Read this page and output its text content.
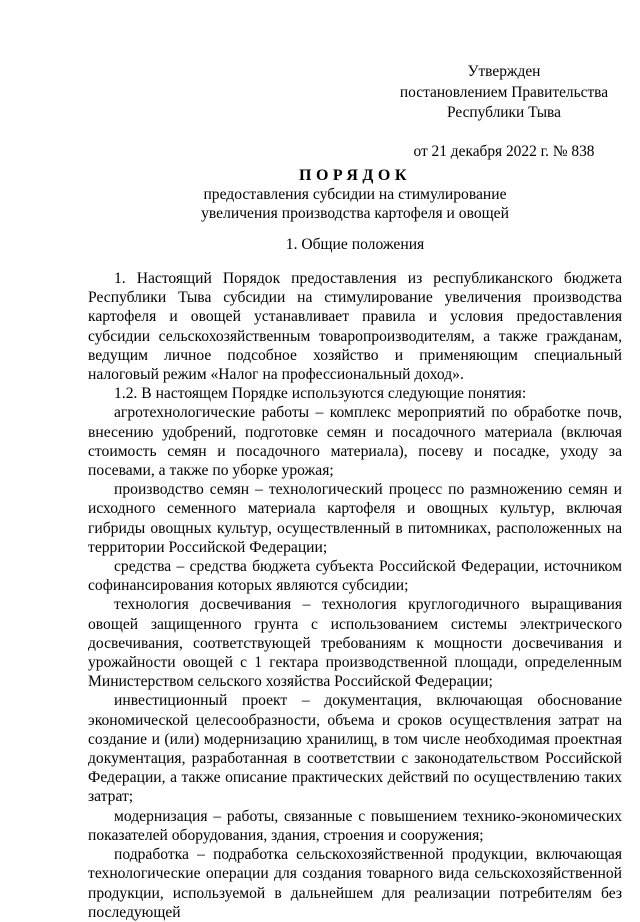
Утвержден
постановлением Правительства
Республики Тыва
от 21 декабря 2022 г. № 838
ПОРЯДОК
предоставления субсидии на стимулирование
увеличения производства картофеля и овощей
1. Общие положения

1. Настоящий Порядок предоставления из республиканского бюджета Республики Тыва субсидии на стимулирование увеличения производства картофеля и овощей устанавливает правила и условия предоставления субсидии сельскохозяйственным товаропроизводителям, а также гражданам, ведущим личное подсобное хозяйство и применяющим специальный налоговый режим «Налог на профессиональный доход».

1.2. В настоящем Порядке используются следующие понятия:

агротехнологические работы – комплекс мероприятий по обработке почв, внесению удобрений, подготовке семян и посадочного материала (включая стоимость семян и посадочного материала), посеву и посадке, уходу за посевами, а также по уборке урожая;

производство семян – технологический процесс по размножению семян и исходного семенного материала картофеля и овощных культур, включая гибриды овощных культур, осуществленный в питомниках, расположенных на территории Российской Федерации;

средства – средства бюджета субъекта Российской Федерации, источником софинансирования которых являются субсидии;

технология досвечивания – технология круглогодичного выращивания овощей защищенного грунта с использованием системы электрического досвечивания, соответствующей требованиям к мощности досвечивания и урожайности овощей с 1 гектара производственной площади, определенным Министерством сельского хозяйства Российской Федерации;

инвестиционный проект – документация, включающая обоснование экономической целесообразности, объема и сроков осуществления затрат на создание и (или) модернизацию хранилищ, в том числе необходимая проектная документация, разработанная в соответствии с законодательством Российской Федерации, а также описание практических действий по осуществлению таких затрат;

модернизация – работы, связанные с повышением технико-экономических показателей оборудования, здания, строения и сооружения;

подработка – подработка сельскохозяйственной продукции, включающая технологические операции для создания товарного вида сельскохозяйственной продукции, используемой в дальнейшем для реализации потребителям без последующей
